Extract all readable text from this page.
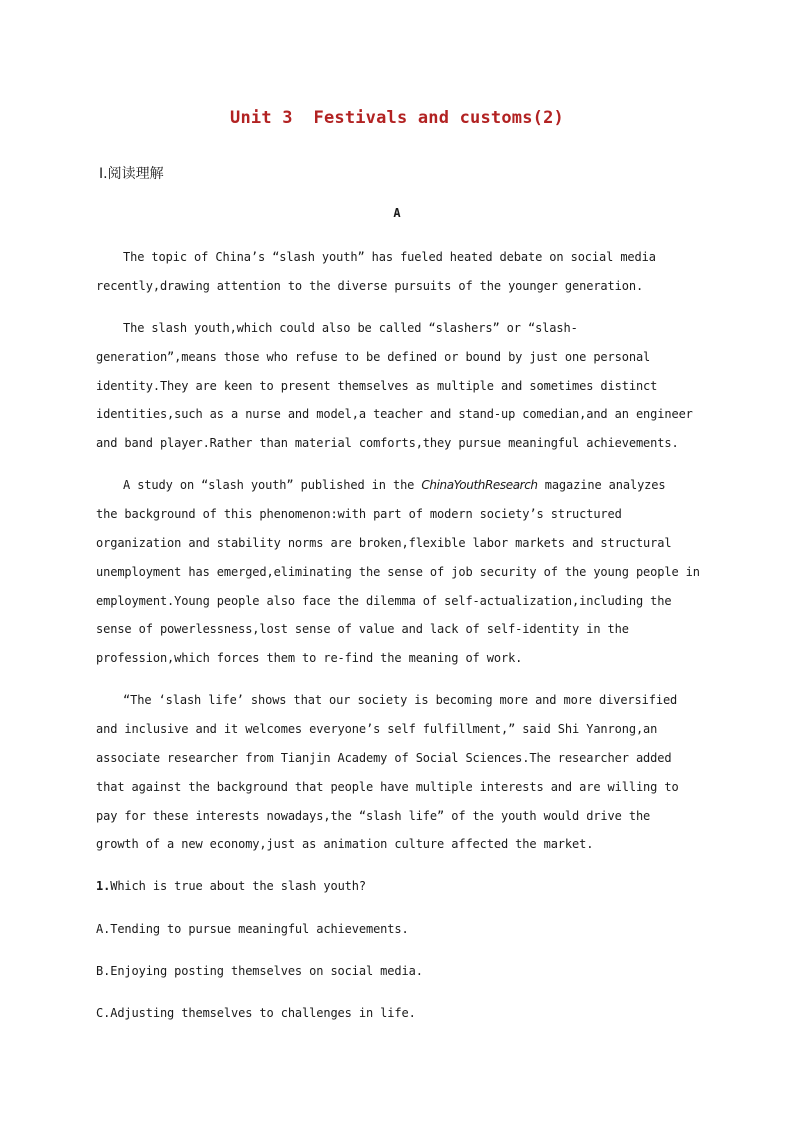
Unit 3  Festivals and customs(2)
Ⅰ.阅读理解
A
The topic of China’s “slash youth” has fueled heated debate on social media
recently,drawing attention to the diverse pursuits of the younger generation.
The slash youth,which could also be called “slashers” or “slash-
generation”,means those who refuse to be defined or bound by just one personal
identity.They are keen to present themselves as multiple and sometimes distinct
identities,such as a nurse and model,a teacher and stand-up comedian,and an engineer
and band player.Rather than material comforts,they pursue meaningful achievements.
A study on “slash youth” published in the ChinaYouthResearch magazine analyzes
the background of this phenomenon:with part of modern society’s structured
organization and stability norms are broken,flexible labor markets and structural
unemployment has emerged,eliminating the sense of job security of the young people in
employment.Young people also face the dilemma of self-actualization,including the
sense of powerlessness,lost sense of value and lack of self-identity in the
profession,which forces them to re-find the meaning of work.
“The ‘slash life’ shows that our society is becoming more and more diversified
and inclusive and it welcomes everyone’s self fulfillment,” said Shi Yanrong,an
associate researcher from Tianjin Academy of Social Sciences.The researcher added
that against the background that people have multiple interests and are willing to
pay for these interests nowadays,the “slash life” of the youth would drive the
growth of a new economy,just as animation culture affected the market.
1.Which is true about the slash youth?
A.Tending to pursue meaningful achievements.
B.Enjoying posting themselves on social media.
C.Adjusting themselves to challenges in life.
